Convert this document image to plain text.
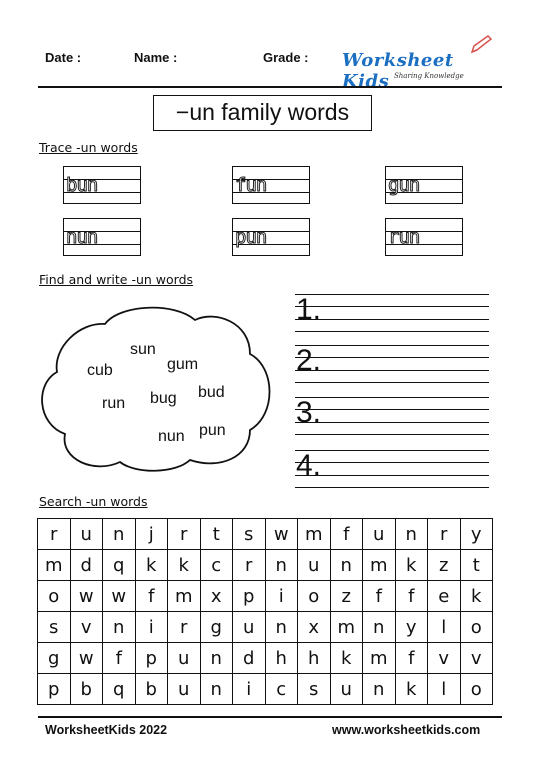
Date :	Name :	Grade : Worksheet Kids Sharing Knowledge
−un family words
Trace -un words
bun	fun	gun
nun	pun	run
Find and write -un words
sun
cub	gum
bud
run bug
nun pun
1.
2.
3.
4.
Search -un words
r	u	n	j	r	t	s	w	m	f	u	n	r	y
m	d	q	k	k	c	r	n	u	n	m	k	z	t
o	w	w	f	m	x	p	i	o	z	f	f	e	k
s	v	n	i	r	g	u	n	x	m	n	y	l	o
g	w	f	p	u	n	d	h	h	k	m	f	v	v
p	b	q	b	u	n	i	c	s	u	n	k	l	o
WorksheetKids 2022	www.worksheetkids.com
